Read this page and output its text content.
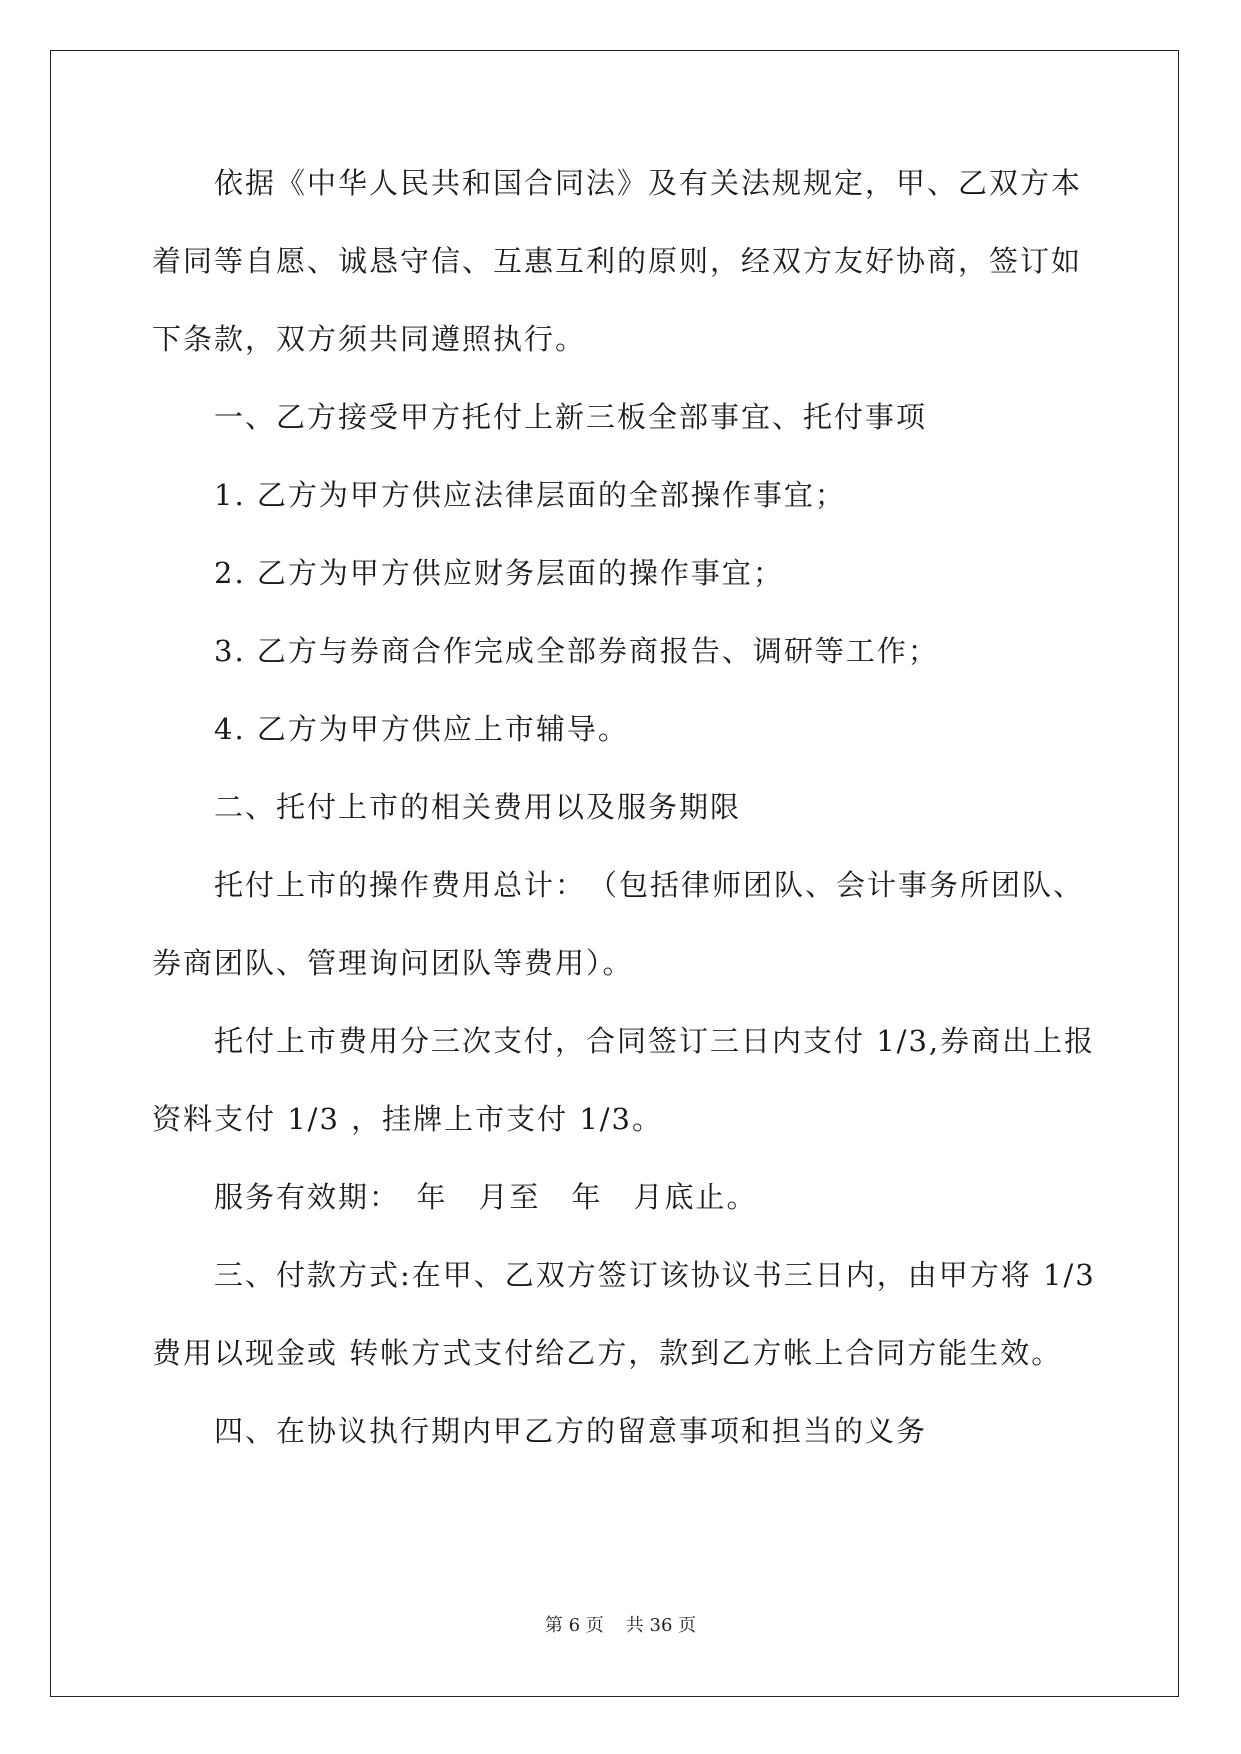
依据《中华人民共和国合同法》及有关法规规定，甲、乙双方本
着同等自愿、诚恳守信、互惠互利的原则，经双方友好协商，签订如
下条款，双方须共同遵照执行。
一、乙方接受甲方托付上新三板全部事宜、托付事项
1. 乙方为甲方供应法律层面的全部操作事宜；
2. 乙方为甲方供应财务层面的操作事宜；
3. 乙方与券商合作完成全部券商报告、调研等工作；
4. 乙方为甲方供应上市辅导。
二、托付上市的相关费用以及服务期限
托付上市的操作费用总计：　（包括律师团队、会计事务所团队、
券商团队、管理询问团队等费用）。
托付上市费用分三次支付，合同签订三日内支付 1/3,券商出上报
资料支付 1/3 ，挂牌上市支付 1/3。
服务有效期：　年　月至　年　月底止。
三、付款方式:在甲、乙双方签订该协议书三日内，由甲方将 1/3
费用以现金或 转帐方式支付给乙方，款到乙方帐上合同方能生效。
四、在协议执行期内甲乙方的留意事项和担当的义务
第 6 页 共 36 页
